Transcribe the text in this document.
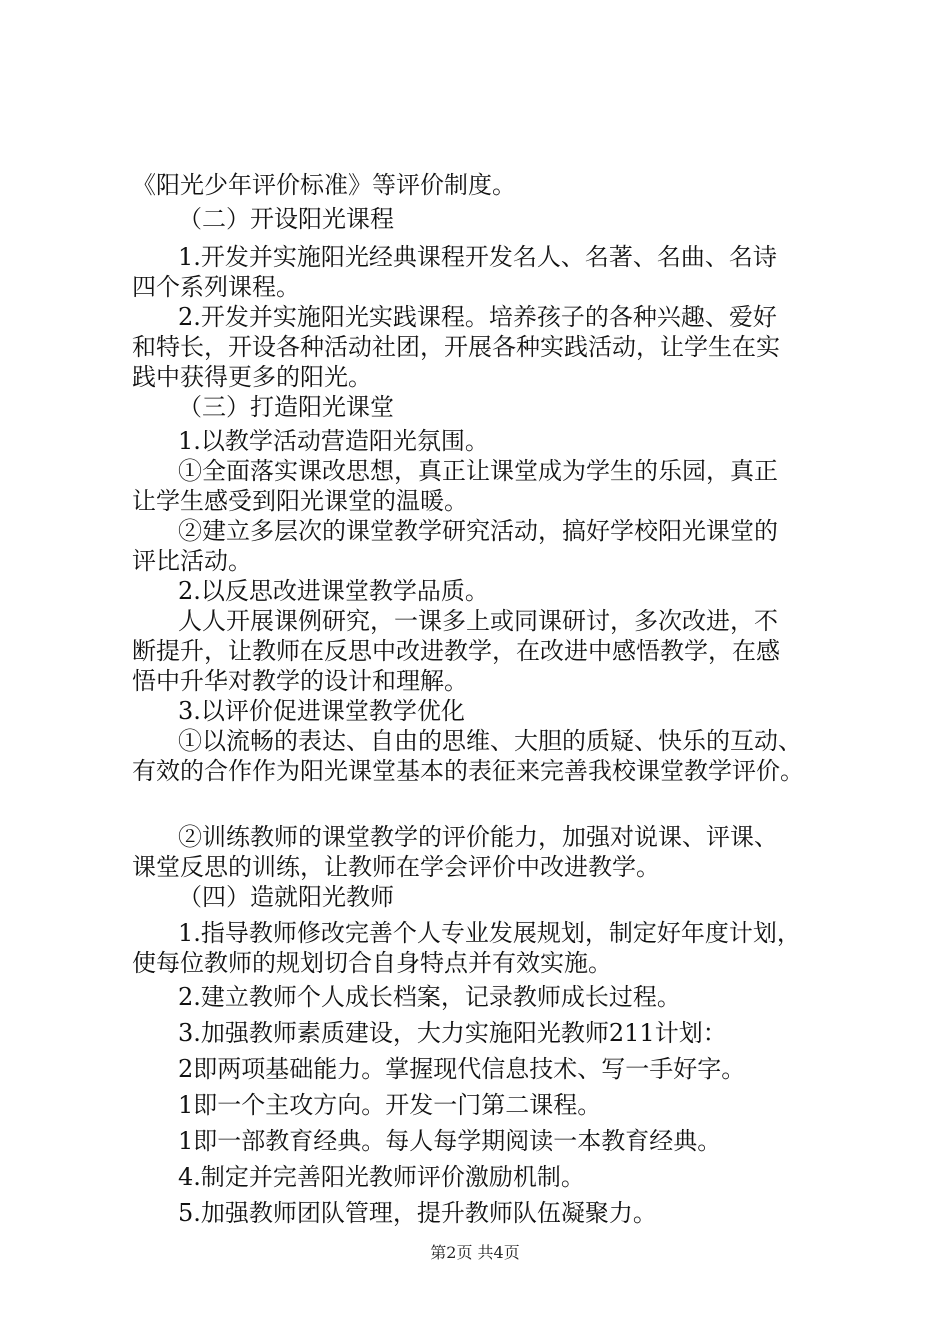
《阳光少年评价标准》等评价制度。
（二）开设阳光课程
1.开发并实施阳光经典课程开发名人、名著、名曲、名诗
四个系列课程。
2.开发并实施阳光实践课程。培养孩子的各种兴趣、爱好
和特长，开设各种活动社团，开展各种实践活动，让学生在实
践中获得更多的阳光。
（三）打造阳光课堂
1.以教学活动营造阳光氛围。
①全面落实课改思想，真正让课堂成为学生的乐园，真正
让学生感受到阳光课堂的温暖。
②建立多层次的课堂教学研究活动，搞好学校阳光课堂的
评比活动。
2.以反思改进课堂教学品质。
人人开展课例研究，一课多上或同课研讨，多次改进，不
断提升，让教师在反思中改进教学，在改进中感悟教学，在感
悟中升华对教学的设计和理解。
3.以评价促进课堂教学优化
①以流畅的表达、自由的思维、大胆的质疑、快乐的互动、
有效的合作作为阳光课堂基本的表征来完善我校课堂教学评价。
②训练教师的课堂教学的评价能力，加强对说课、评课、
课堂反思的训练，让教师在学会评价中改进教学。
（四）造就阳光教师
1.指导教师修改完善个人专业发展规划，制定好年度计划，
使每位教师的规划切合自身特点并有效实施。
2.建立教师个人成长档案，记录教师成长过程。
3.加强教师素质建设，大力实施阳光教师211计划：
2即两项基础能力。掌握现代信息技术、写一手好字。
1即一个主攻方向。开发一门第二课程。
1即一部教育经典。每人每学期阅读一本教育经典。
4.制定并完善阳光教师评价激励机制。
5.加强教师团队管理，提升教师队伍凝聚力。
第2页 共4页
